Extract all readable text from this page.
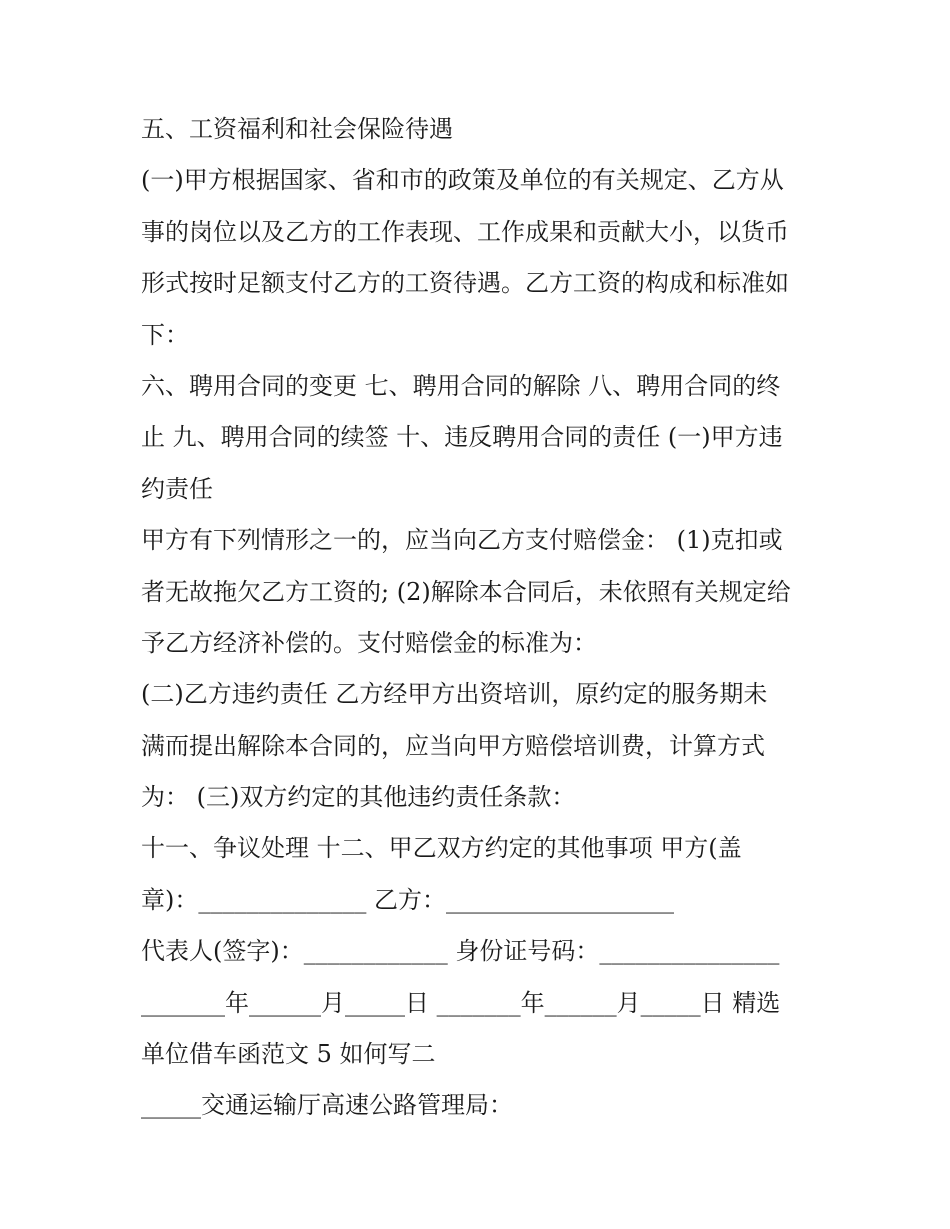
五、工资福利和社会保险待遇
(一)甲方根据国家、省和市的政策及单位的有关规定、乙方从
事的岗位以及乙方的工作表现、工作成果和贡献大小，以货币
形式按时足额支付乙方的工资待遇。乙方工资的构成和标准如
下：
六、聘用合同的变更 七、聘用合同的解除 八、聘用合同的终
止 九、聘用合同的续签 十、违反聘用合同的责任 (一)甲方违
约责任
甲方有下列情形之一的，应当向乙方支付赔偿金： (1)克扣或
者无故拖欠乙方工资的; (2)解除本合同后，未依照有关规定给
予乙方经济补偿的。支付赔偿金的标准为：
(二)乙方违约责任 乙方经甲方出资培训，原约定的服务期未
满而提出解除本合同的，应当向甲方赔偿培训费，计算方式
为： (三)双方约定的其他违约责任条款：
十一、争议处理 十二、甲乙双方约定的其他事项 甲方(盖
章)：______________ 乙方：___________________
代表人(签字)：____________ 身份证号码：_______________
_______年______月_____日 _______年______月_____日 精选
单位借车函范文 5 如何写二
_____交通运输厅高速公路管理局：
